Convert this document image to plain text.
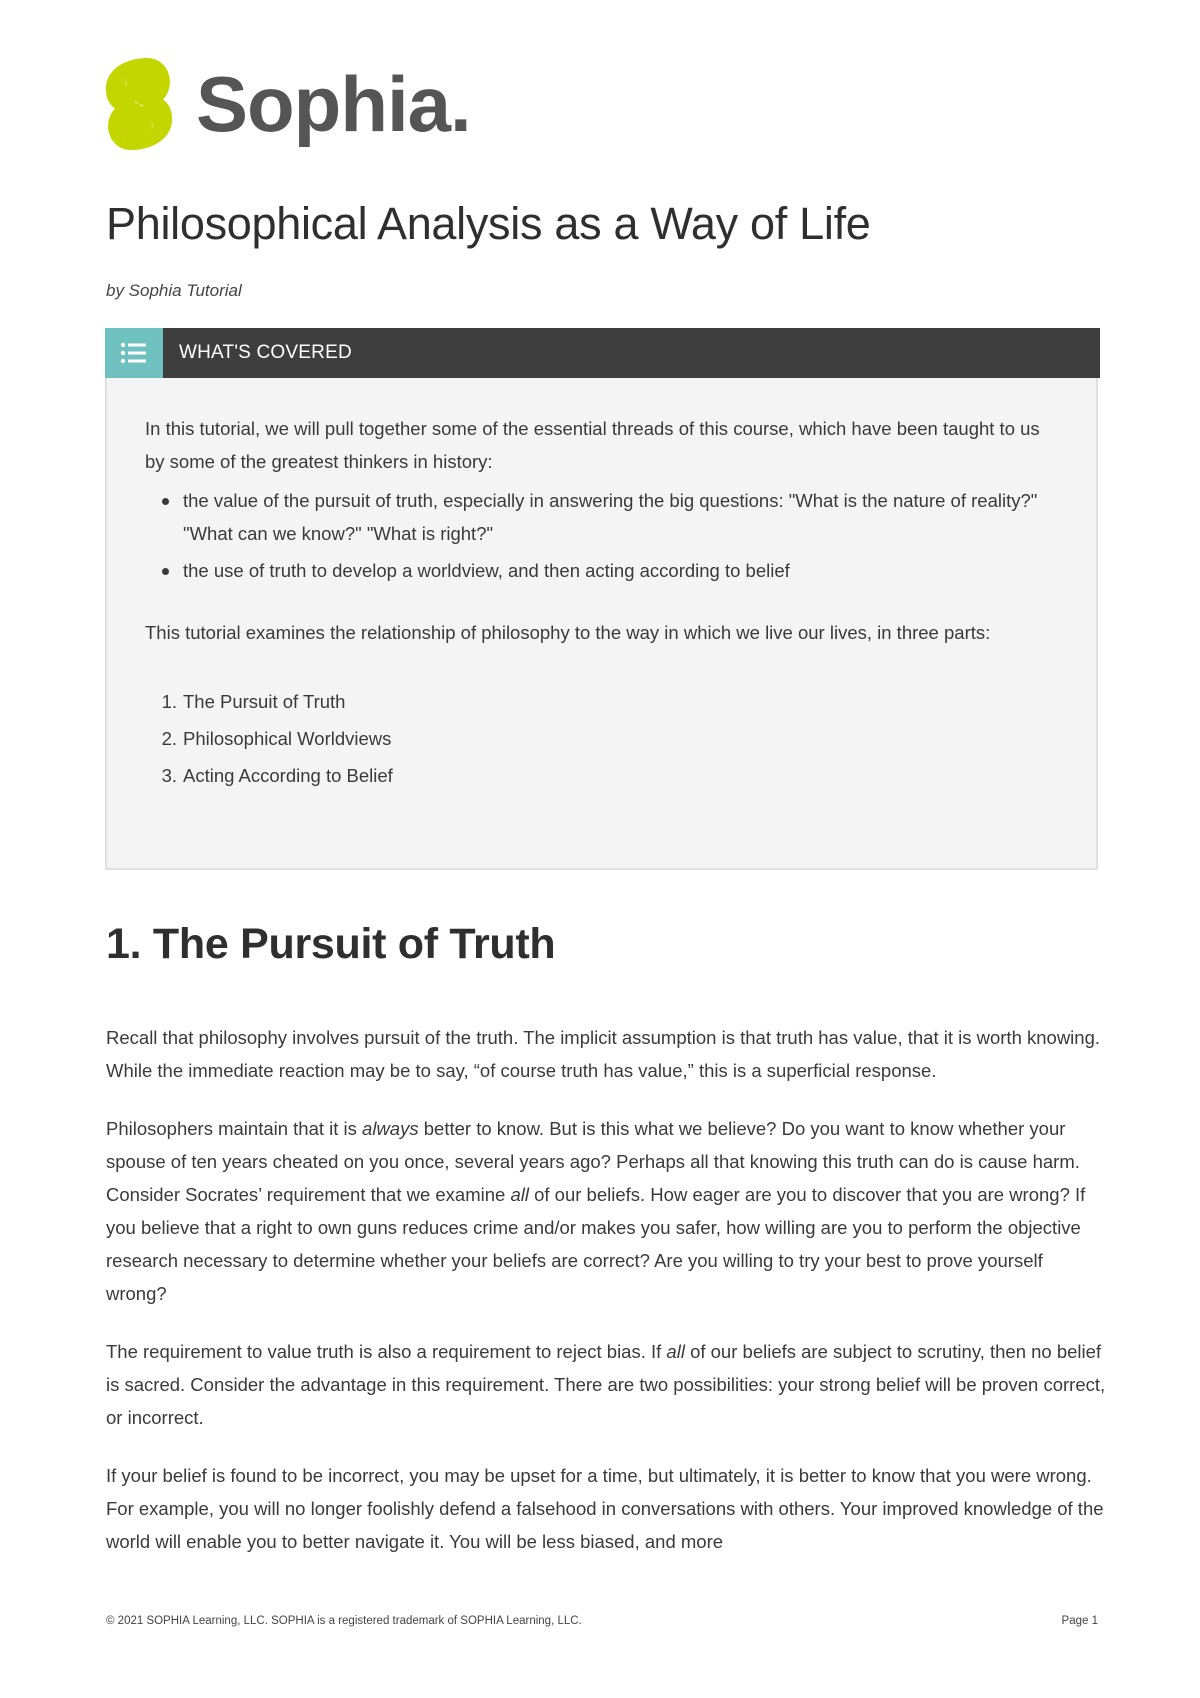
Sophia.
Philosophical Analysis as a Way of Life

by Sophia Tutorial

WHAT'S COVERED

In this tutorial, we will pull together some of the essential threads of this course, which have been taught to us by some of the greatest thinkers in history:

the value of the pursuit of truth, especially in answering the big questions: "What is the nature of reality?" "What can we know?" "What is right?"
the use of truth to develop a worldview, and then acting according to belief

This tutorial examines the relationship of philosophy to the way in which we live our lives, in three parts:

1. The Pursuit of Truth
2. Philosophical Worldviews
3. Acting According to Belief
1. The Pursuit of Truth

Recall that philosophy involves pursuit of the truth. The implicit assumption is that truth has value, that it is worth knowing. While the immediate reaction may be to say, “of course truth has value,” this is a superficial response.

Philosophers maintain that it is always better to know. But is this what we believe? Do you want to know whether your spouse of ten years cheated on you once, several years ago? Perhaps all that knowing this truth can do is cause harm. Consider Socrates’ requirement that we examine all of our beliefs. How eager are you to discover that you are wrong? If you believe that a right to own guns reduces crime and/or makes you safer, how willing are you to perform the objective research necessary to determine whether your beliefs are correct? Are you willing to try your best to prove yourself wrong?

The requirement to value truth is also a requirement to reject bias. If all of our beliefs are subject to scrutiny, then no belief is sacred. Consider the advantage in this requirement. There are two possibilities: your strong belief will be proven correct, or incorrect.

If your belief is found to be incorrect, you may be upset for a time, but ultimately, it is better to know that you were wrong. For example, you will no longer foolishly defend a falsehood in conversations with others. Your improved knowledge of the world will enable you to better navigate it. You will be less biased, and more

© 2021 SOPHIA Learning, LLC. SOPHIA is a registered trademark of SOPHIA Learning, LLC.	Page 1
